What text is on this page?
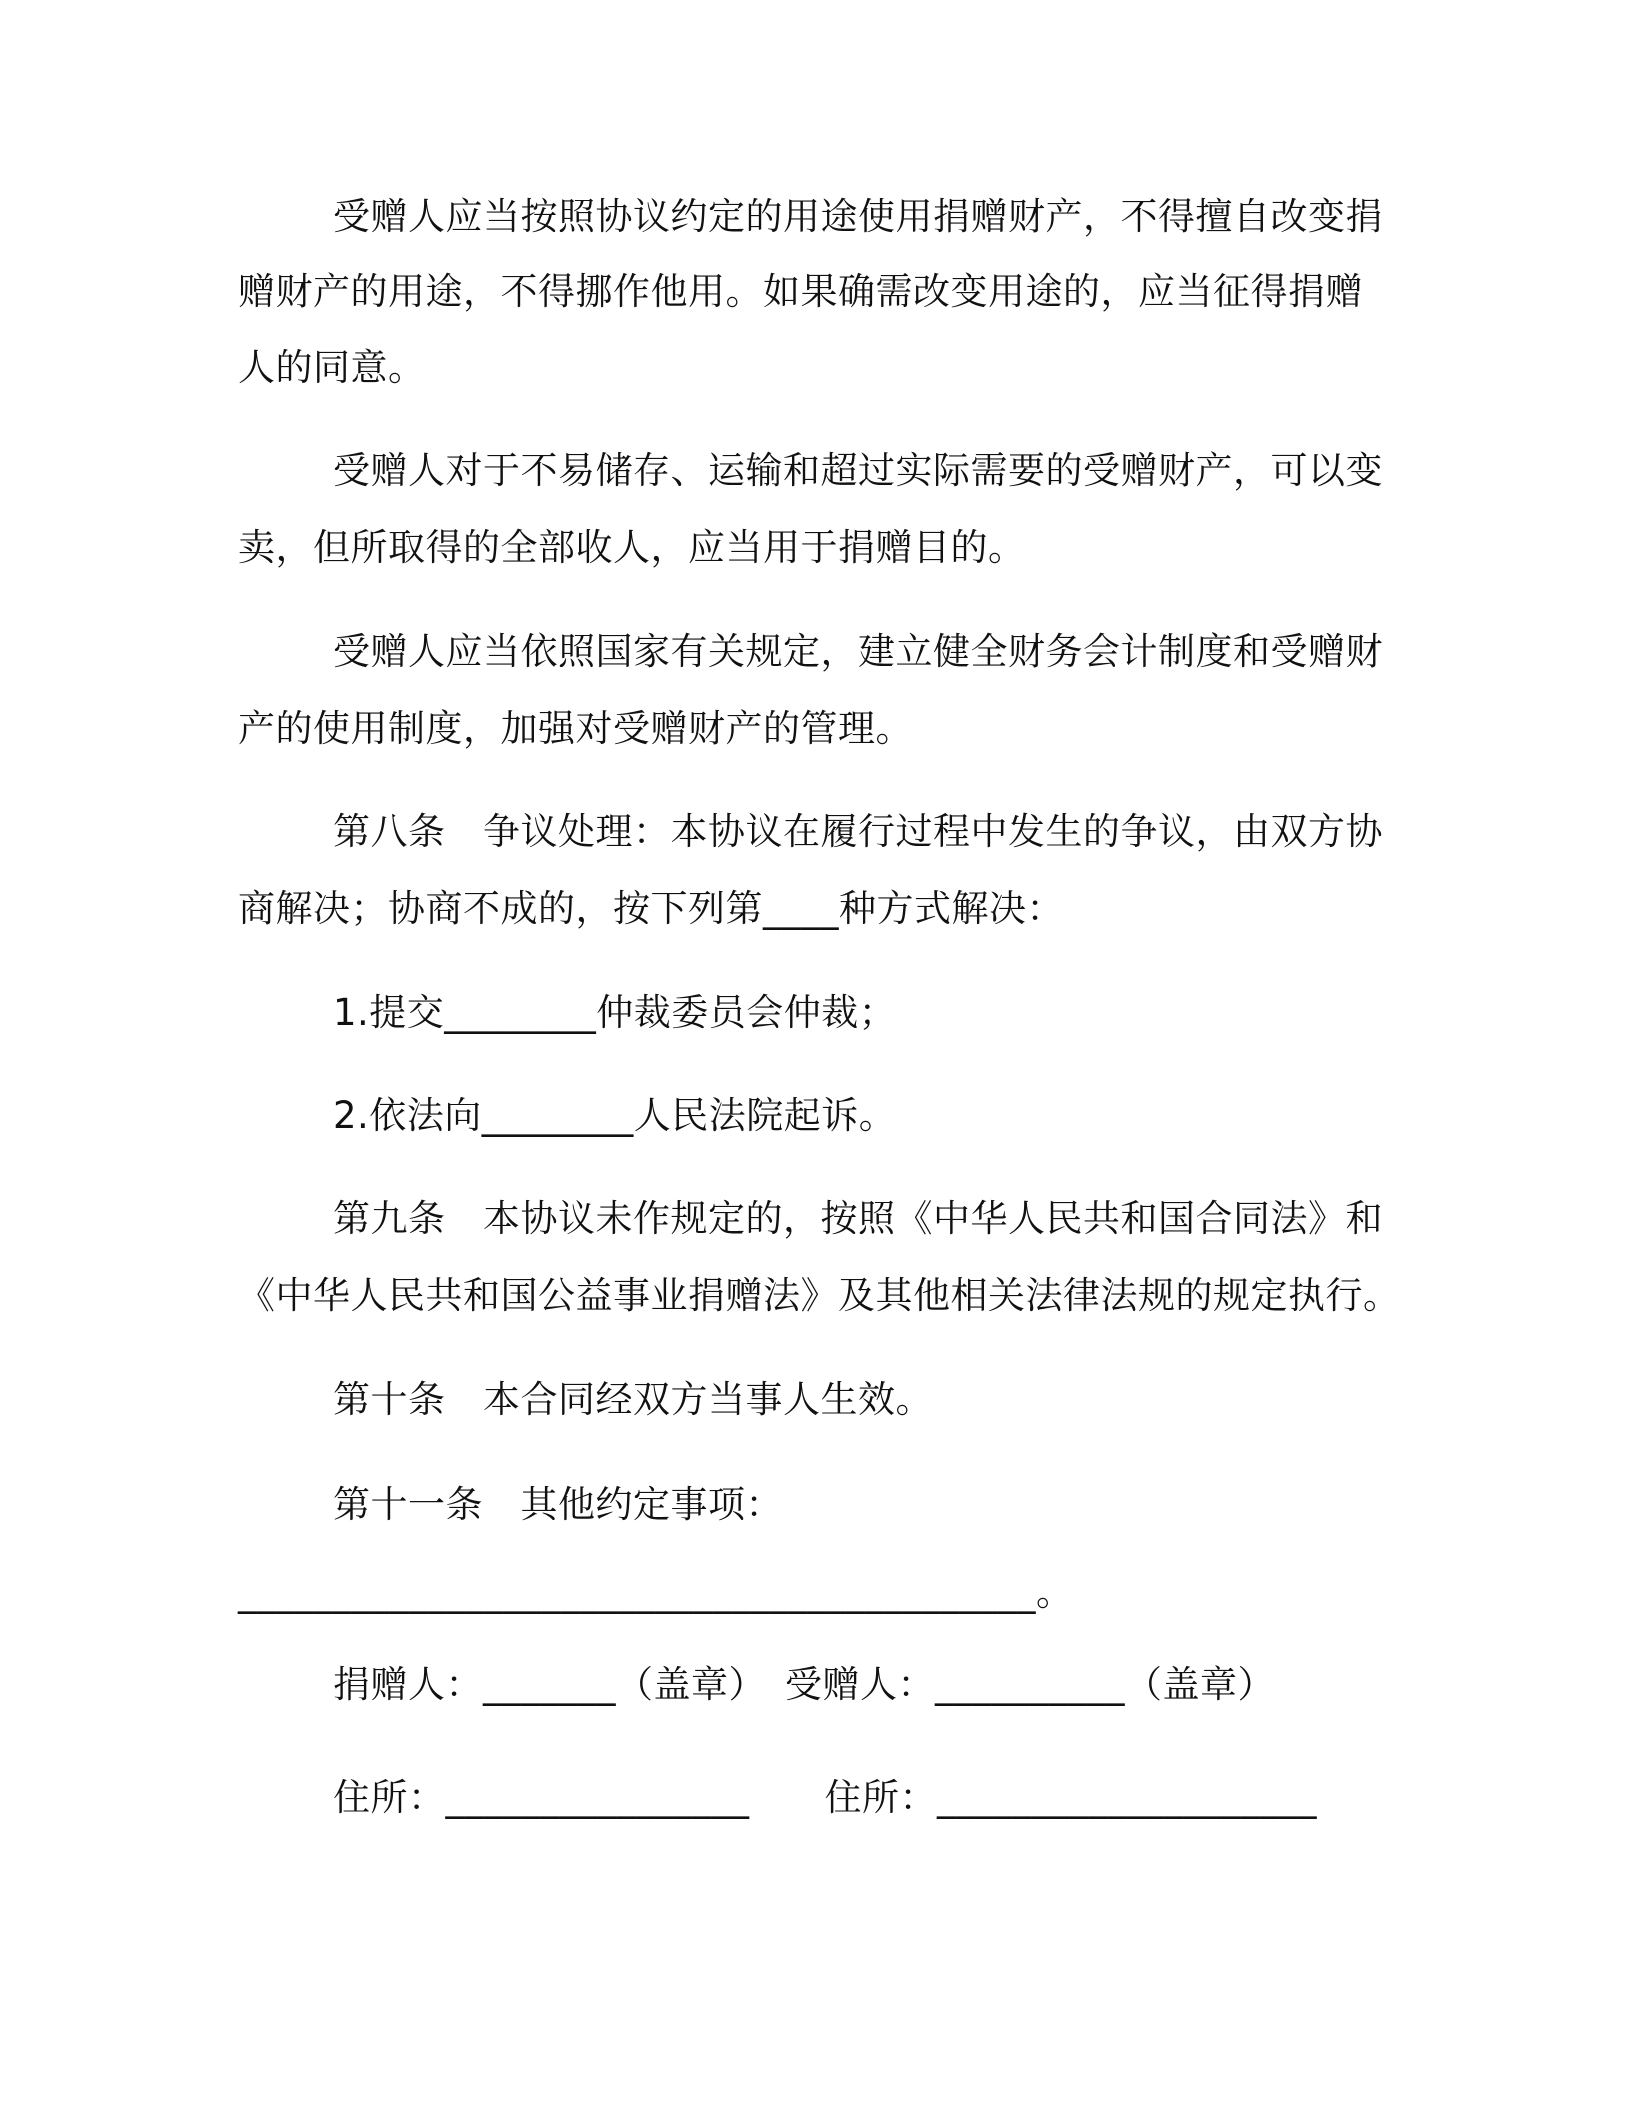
受赠人应当按照协议约定的用途使用捐赠财产，不得擅自改变捐
赠财产的用途，不得挪作他用。如果确需改变用途的，应当征得捐赠
人的同意。
受赠人对于不易储存、运输和超过实际需要的受赠财产，可以变
卖，但所取得的全部收人，应当用于捐赠目的。
受赠人应当依照国家有关规定，建立健全财务会计制度和受赠财
产的使用制度，加强对受赠财产的管理。
第八条　争议处理：本协议在履行过程中发生的争议，由双方协
商解决；协商不成的，按下列第____种方式解决：
1.提交________仲裁委员会仲裁；
2.依法向________人民法院起诉。
第九条　本协议未作规定的，按照《中华人民共和国合同法》和
《中华人民共和国公益事业捐赠法》及其他相关法律法规的规定执行。
第十条　本合同经双方当事人生效。
第十一条　其他约定事项：
__________________________________________。
捐赠人：_______（盖章）　受赠人：__________（盖章）
住所：________________　　住所：____________________
